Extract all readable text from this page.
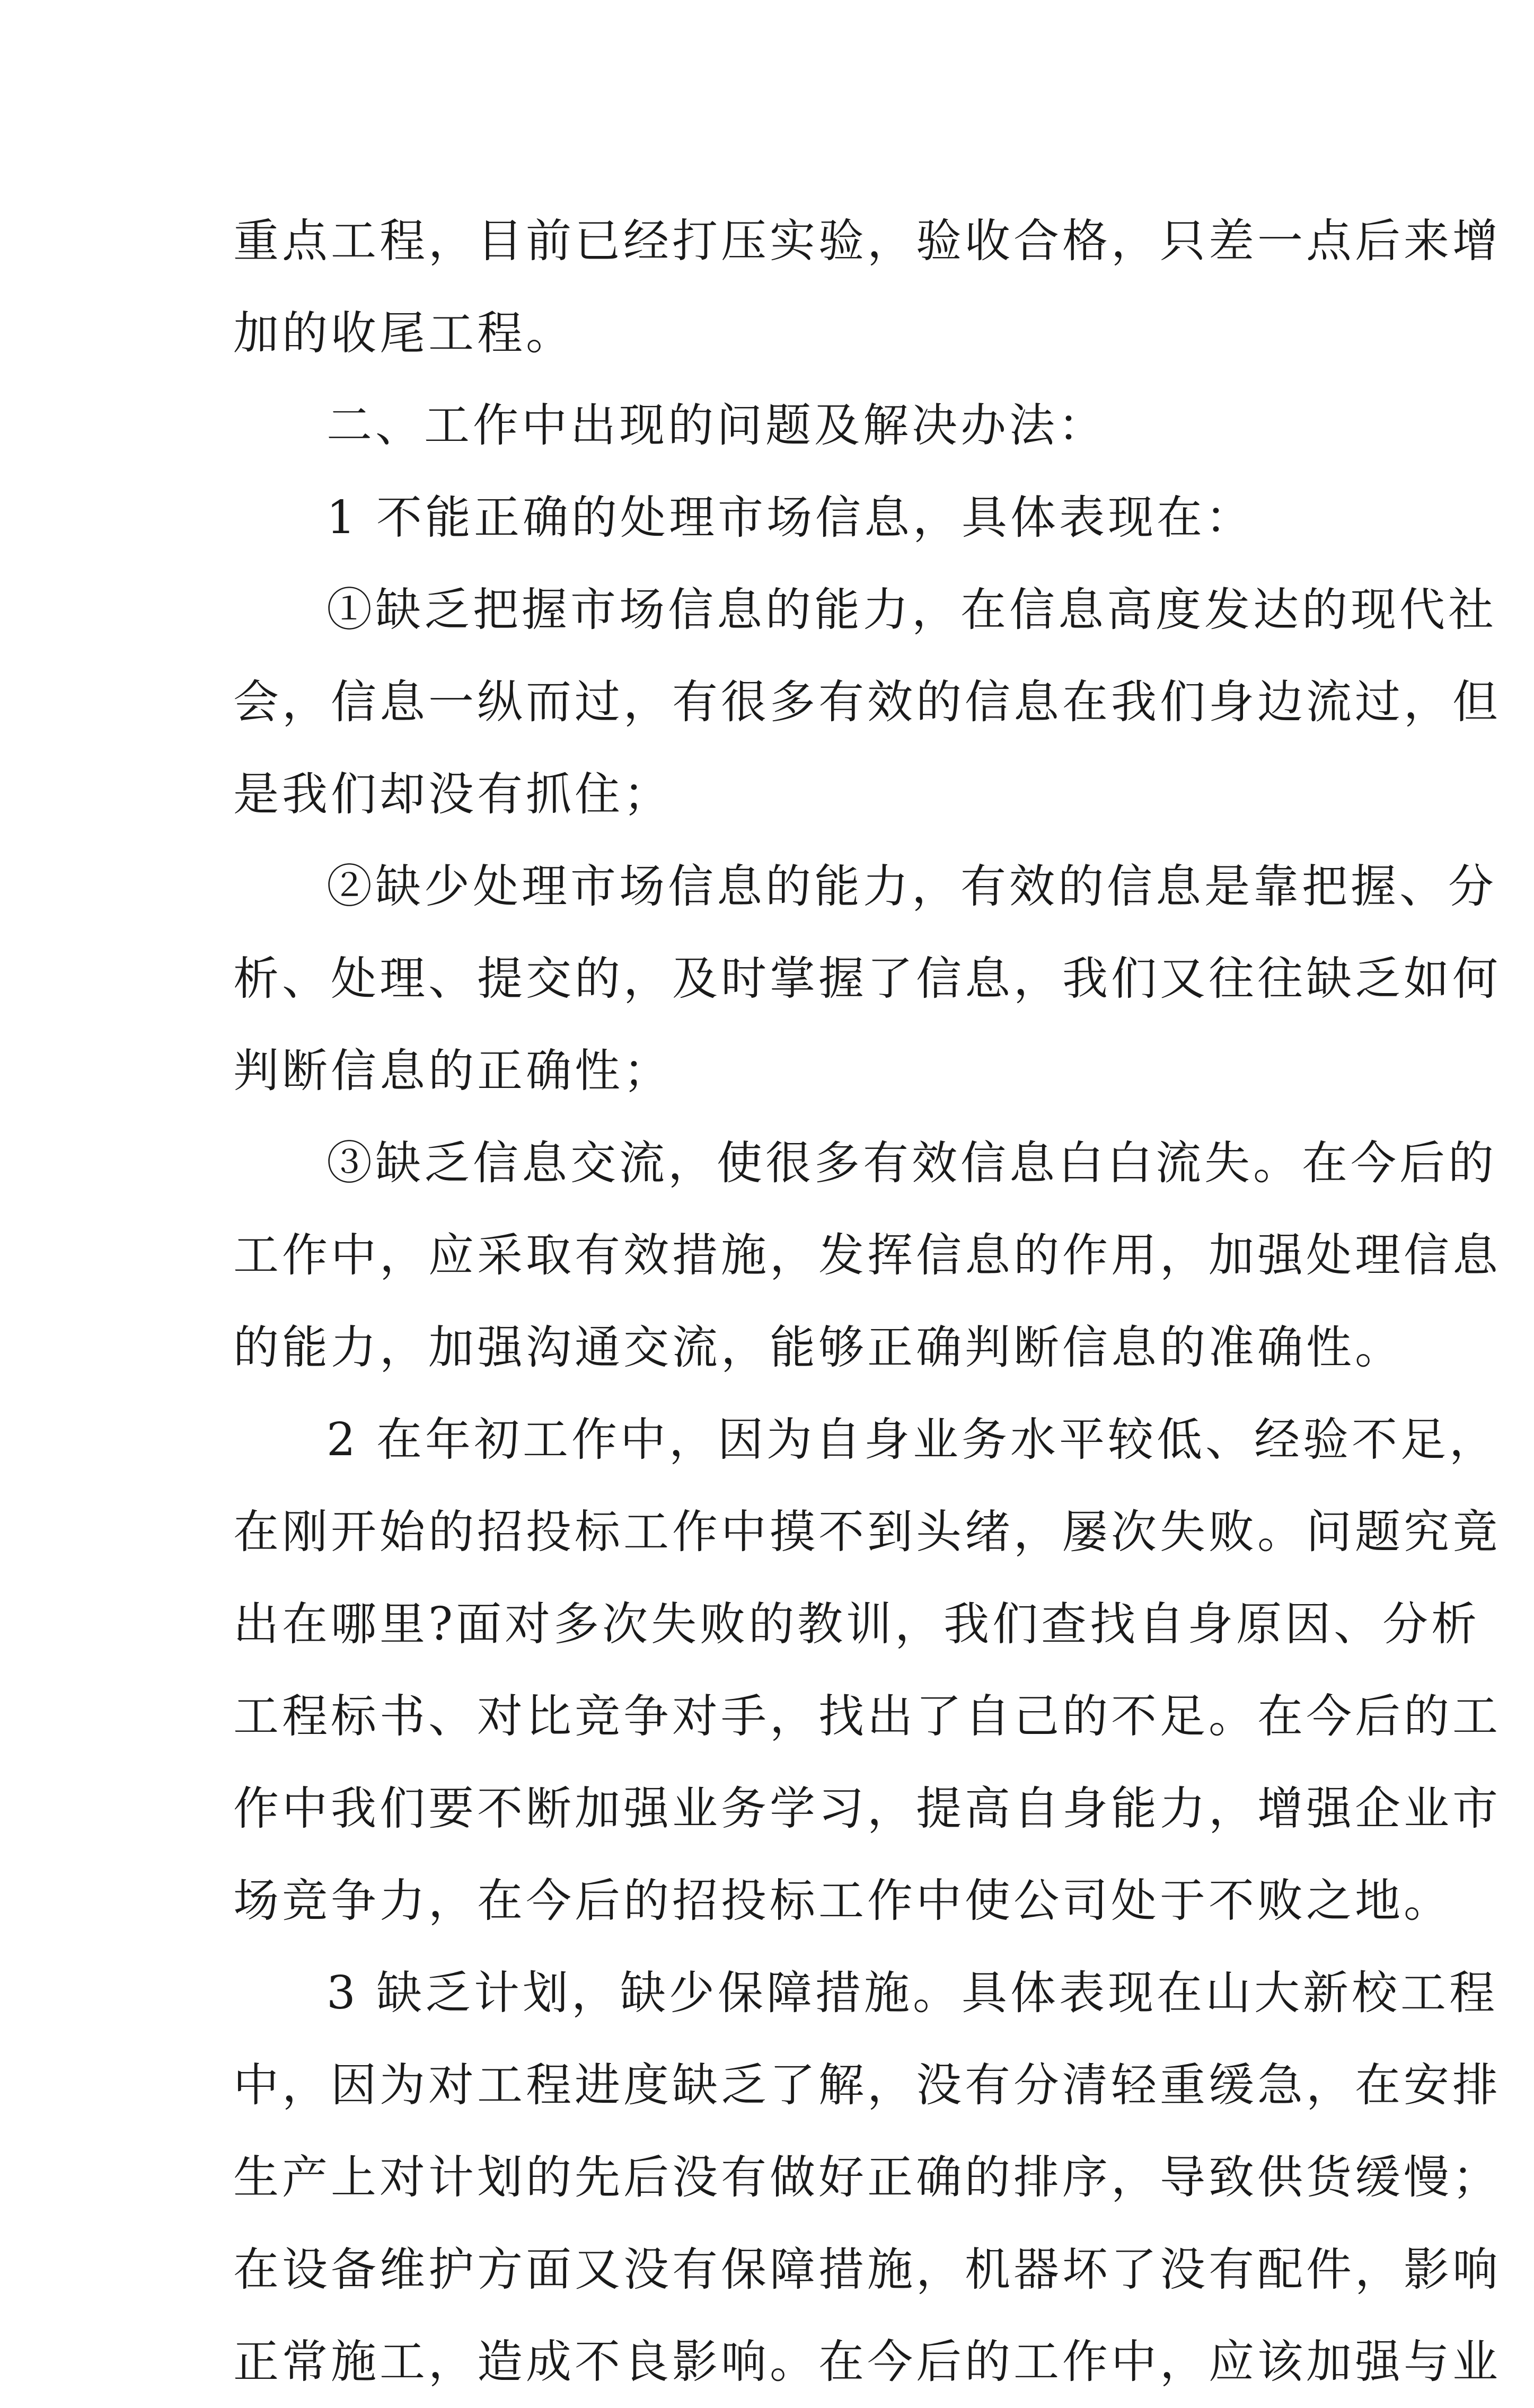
重点工程，目前已经打压实验，验收合格，只差一点后来增
加的收尾工程。
二、工作中出现的问题及解决办法：
1 不能正确的处理市场信息，具体表现在：
①缺乏把握市场信息的能力，在信息高度发达的现代社
会，信息一纵而过，有很多有效的信息在我们身边流过，但
是我们却没有抓住；
②缺少处理市场信息的能力，有效的信息是靠把握、分
析、处理、提交的，及时掌握了信息，我们又往往缺乏如何
判断信息的正确性；
③缺乏信息交流，使很多有效信息白白流失。在今后的
工作中，应采取有效措施，发挥信息的作用，加强处理信息
的能力，加强沟通交流，能够正确判断信息的准确性。
2 在年初工作中，因为自身业务水平较低、经验不足，
在刚开始的招投标工作中摸不到头绪，屡次失败。问题究竟
出在哪里?面对多次失败的教训，我们查找自身原因、分析
工程标书、对比竞争对手，找出了自己的不足。在今后的工
作中我们要不断加强业务学习，提高自身能力，增强企业市
场竞争力，在今后的招投标工作中使公司处于不败之地。
3 缺乏计划，缺少保障措施。具体表现在山大新校工程
中，因为对工程进度缺乏了解，没有分清轻重缓急，在安排
生产上对计划的先后没有做好正确的排序，导致供货缓慢；
在设备维护方面又没有保障措施，机器坏了没有配件，影响
正常施工，造成不良影响。在今后的工作中，应该加强与业
